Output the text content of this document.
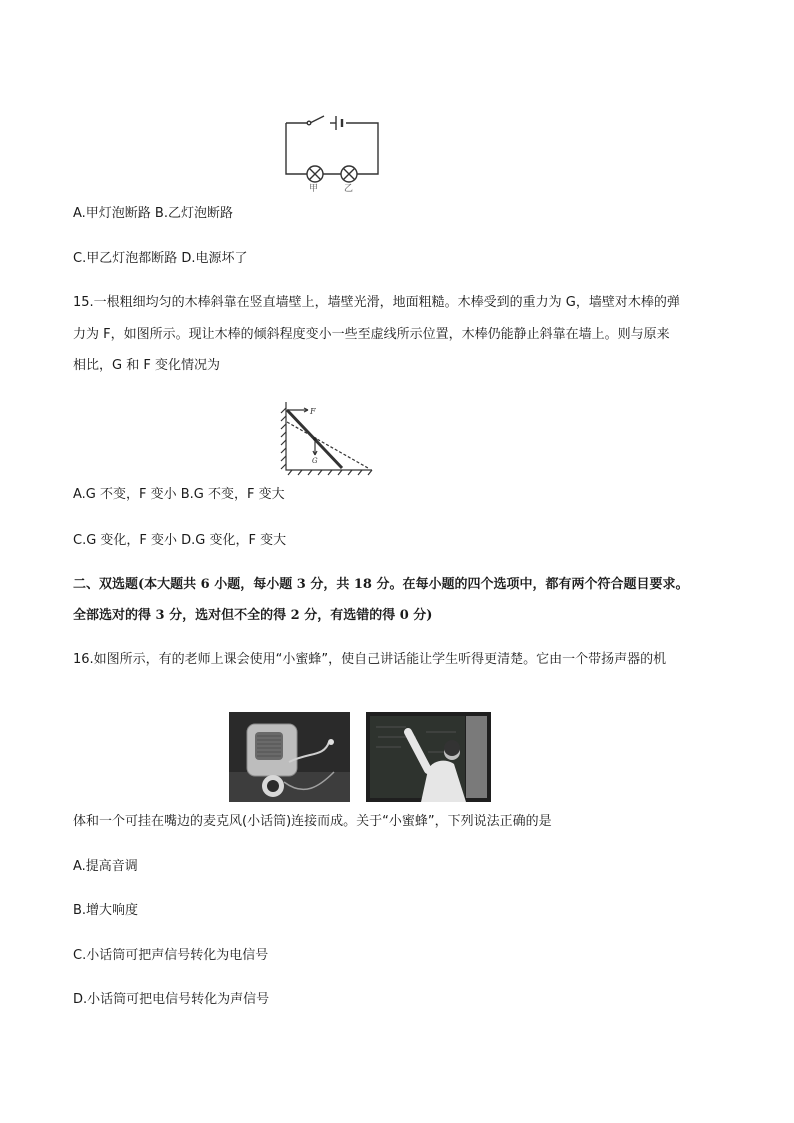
甲	乙
A.甲灯泡断路 B.乙灯泡断路
C.甲乙灯泡都断路 D.电源坏了
15.一根粗细均匀的木棒斜靠在竖直墙壁上，墙壁光滑，地面粗糙。木棒受到的重力为 G，墙壁对木棒的弹
力为 F，如图所示。现让木棒的倾斜程度变小一些至虚线所示位置，木棒仍能静止斜靠在墙上。则与原来
相比，G 和 F 变化情况为
F
G
A.G 不变，F 变小 B.G 不变，F 变大
C.G 变化，F 变小 D.G 变化，F 变大
二、双选题(本大题共 6 小题，每小题 3 分，共 18 分。在每小题的四个选项中，都有两个符合题目要求。
全部选对的得 3 分，选对但不全的得 2 分，有选错的得 0 分)
16.如图所示，有的老师上课会使用“小蜜蜂”，使自己讲话能让学生听得更清楚。它由一个带扬声器的机
体和一个可挂在嘴边的麦克风(小话筒)连接而成。关于“小蜜蜂”，下列说法正确的是
A.提高音调
B.增大响度
C.小话筒可把声信号转化为电信号
D.小话筒可把电信号转化为声信号
